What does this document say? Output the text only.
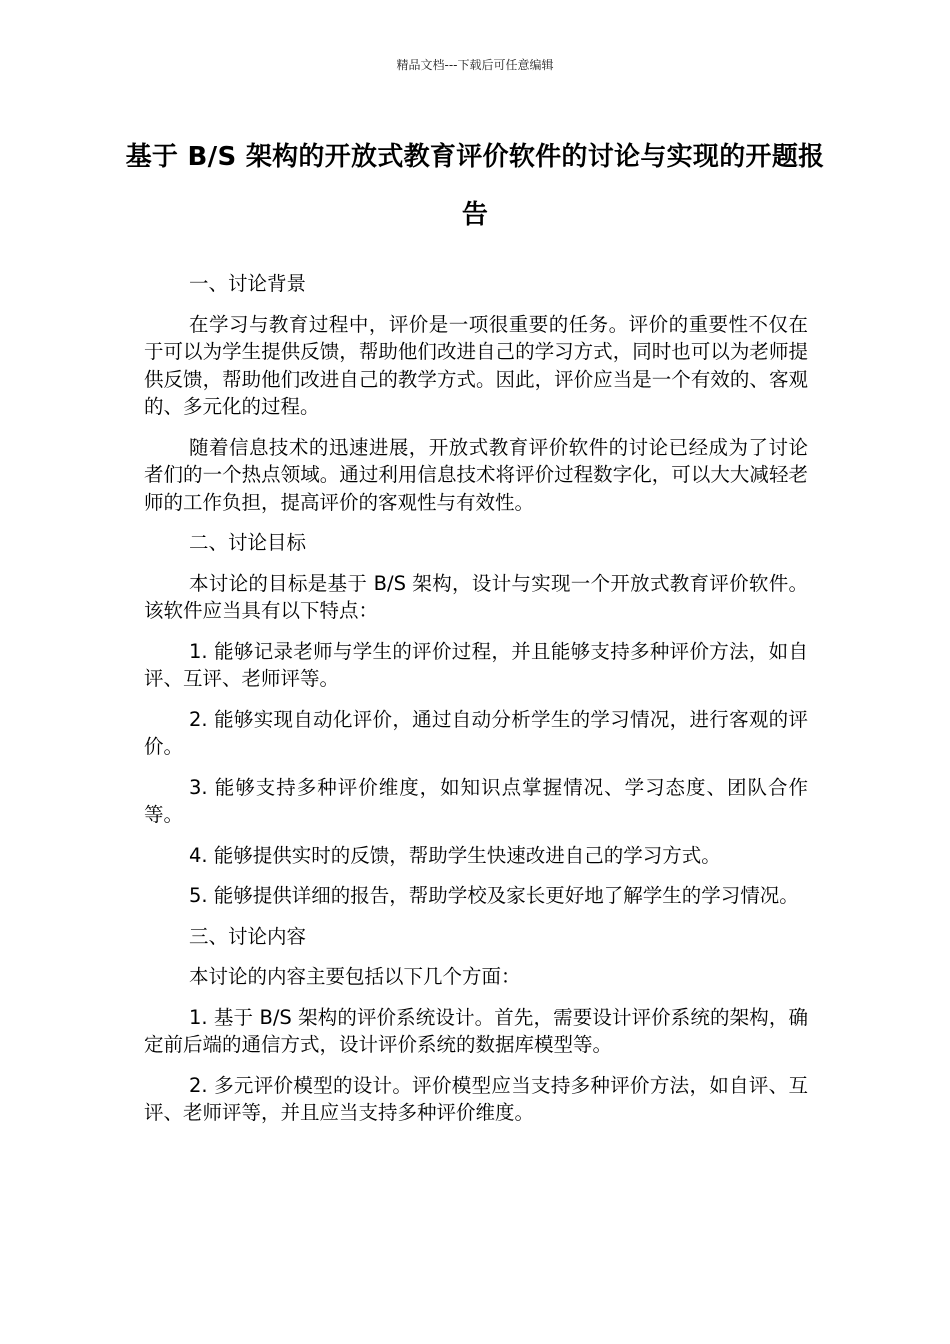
精品文档---下载后可任意编辑
基于 B/S 架构的开放式教育评价软件的讨论与实现的开题报告

一、讨论背景

在学习与教育过程中，评价是一项很重要的任务。评价的重要性不仅在于可以为学生提供反馈，帮助他们改进自己的学习方式，同时也可以为老师提供反馈，帮助他们改进自己的教学方式。因此，评价应当是一个有效的、客观的、多元化的过程。

随着信息技术的迅速进展，开放式教育评价软件的讨论已经成为了讨论者们的一个热点领域。通过利用信息技术将评价过程数字化，可以大大减轻老师的工作负担，提高评价的客观性与有效性。

二、讨论目标

本讨论的目标是基于 B/S 架构，设计与实现一个开放式教育评价软件。该软件应当具有以下特点：

1. 能够记录老师与学生的评价过程，并且能够支持多种评价方法，如自评、互评、老师评等。

2. 能够实现自动化评价，通过自动分析学生的学习情况，进行客观的评价。

3. 能够支持多种评价维度，如知识点掌握情况、学习态度、团队合作等。

4. 能够提供实时的反馈，帮助学生快速改进自己的学习方式。

5. 能够提供详细的报告，帮助学校及家长更好地了解学生的学习情况。

三、讨论内容

本讨论的内容主要包括以下几个方面：

1. 基于 B/S 架构的评价系统设计。首先，需要设计评价系统的架构，确定前后端的通信方式，设计评价系统的数据库模型等。

2. 多元评价模型的设计。评价模型应当支持多种评价方法，如自评、互评、老师评等，并且应当支持多种评价维度。
